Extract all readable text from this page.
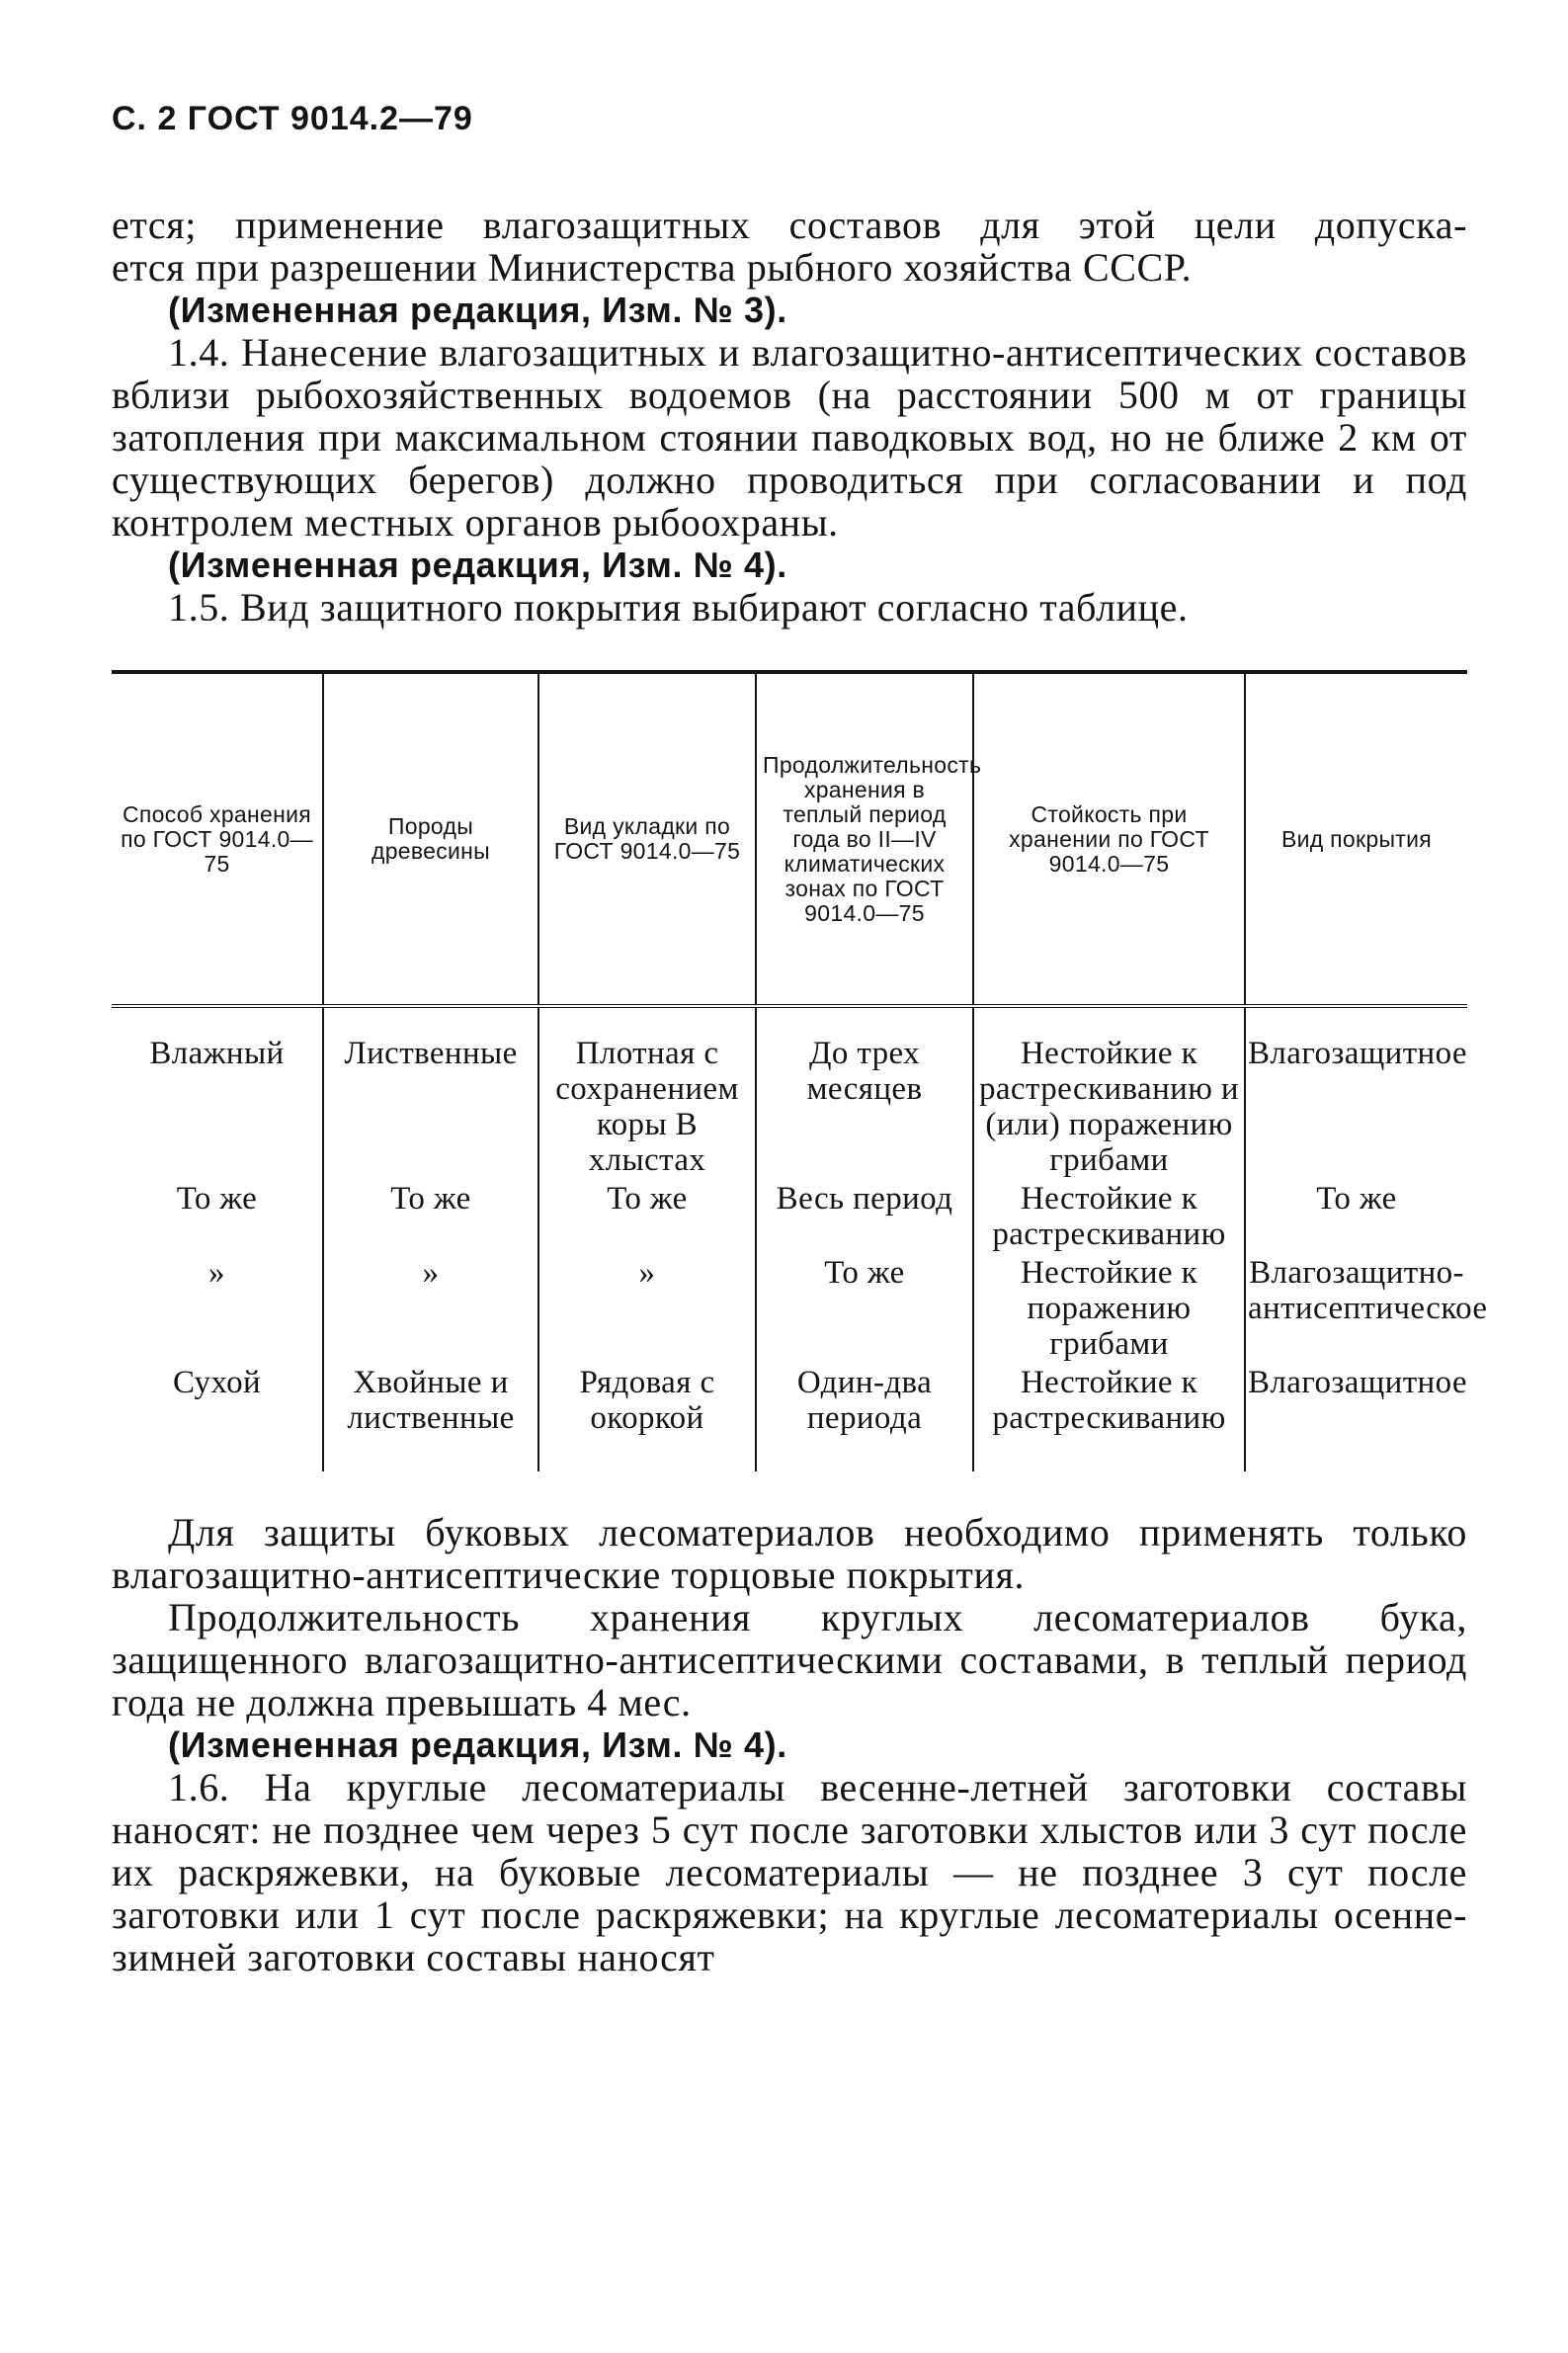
С. 2 ГОСТ 9014.2—79

ется; применение влагозащитных составов для этой цели допуска-

ется при разрешении Министерства рыбного хозяйства СССР.

(Измененная редакция, Изм. № 3).

1.4. Нанесение влагозащитных и влагозащитно-антисептических составов вблизи рыбохозяйственных водоемов (на расстоянии 500 м от границы затопления при максимальном стоянии паводковых вод, но не ближе 2 км от существующих берегов) должно проводиться при согласовании и под контролем местных органов рыбоохраны.

(Измененная редакция, Изм. № 4).

1.5. Вид защитного покрытия выбирают согласно таблице.

Способ хранения по ГОСТ 9014.0—75	Породы древесины	Вид укладки по ГОСТ 9014.0—75	Продолжительность хранения в теплый период года во II—IV климатических зонах по ГОСТ 9014.0—75	Стойкость при хранении по ГОСТ 9014.0—75	Вид покрытия
Влажный	Лиственные	Плотная с сохранением коры В хлыстах	До трех месяцев	Нестойкие к растрескиванию и (или) поражению грибами	Влагозащитное
То же	То же	То же	Весь период	Нестойкие к растрескиванию	То же
»	»	»	То же	Нестойкие к поражению грибами	Влагозащитно-антисептическое
Сухой	Хвойные и лиственные	Рядовая с окоркой	Один-два периода	Нестойкие к растрескиванию	Влагозащитное

Для защиты буковых лесоматериалов необходимо применять только влагозащитно-антисептические торцовые покрытия.

Продолжительность хранения круглых лесоматериалов бука, защищенного влагозащитно-антисептическими составами, в теплый период года не должна превышать 4 мес.

(Измененная редакция, Изм. № 4).

1.6. На круглые лесоматериалы весенне-летней заготовки составы наносят: не позднее чем через 5 сут после заготовки хлыстов или 3 сут после их раскряжевки, на буковые лесоматериалы — не позднее 3 сут после заготовки или 1 сут после раскряжевки; на круглые лесоматериалы осенне-зимней заготовки составы наносят
